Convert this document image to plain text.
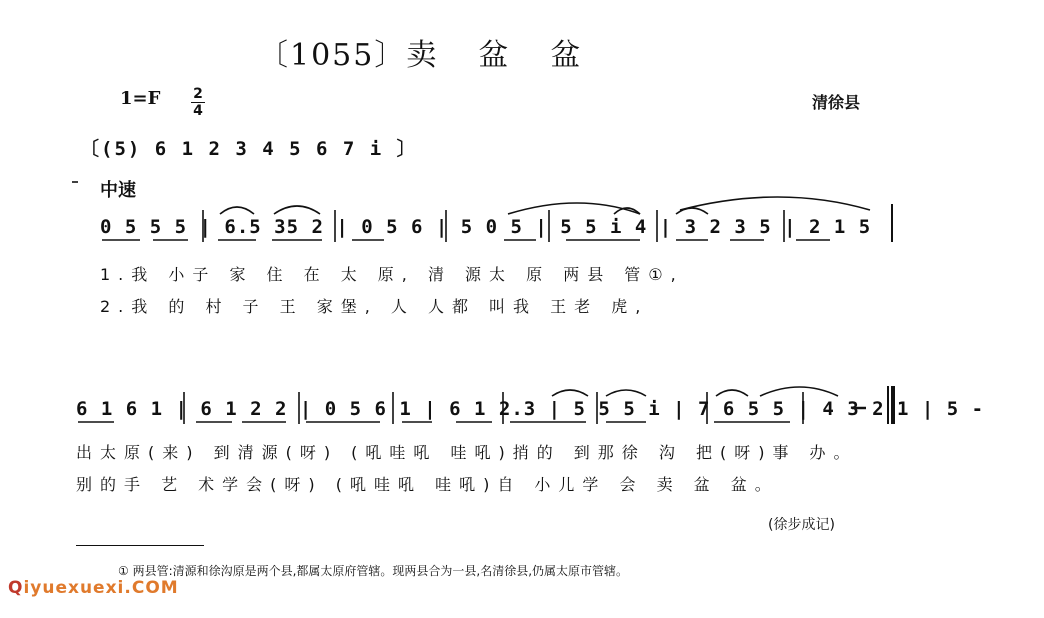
〔1055〕卖 盆 盆
1=F 2
4	清徐县
〔(5) 6 1 2 3 4 5 6 7 i 〕
中速
0 5 5 5 | 6.5 35 2 | 0 5 6 | 5 0 5 | 5 5 i 4 | 3 2 3 5 | 2 1 5
1.我 小子 家 住 在 太 原, 清 源太 原 两县 管①,
2.我 的 村 子 王 家堡, 人 人都 叫我 王老 虎,
6 1 6 1 | 6 1 2 2 | 0 5 6 1 | 6 1 2.3 | 5 5 5 i | 7 6 5 5 | 4 3 2 1 | 5 -
出太原(来) 到清源(呀) (吼哇吼 哇吼)捎的 到那徐 沟 把(呀)事 办。
别的手 艺 术学会(呀) (吼哇吼 哇吼)自 小儿学 会 卖 盆 盆。
(徐步成记)
① 两县管:清源和徐沟原是两个县,都属太原府管辖。现两县合为一县,名清徐县,仍属太原市管辖。
Qiyuexuexi.COM
